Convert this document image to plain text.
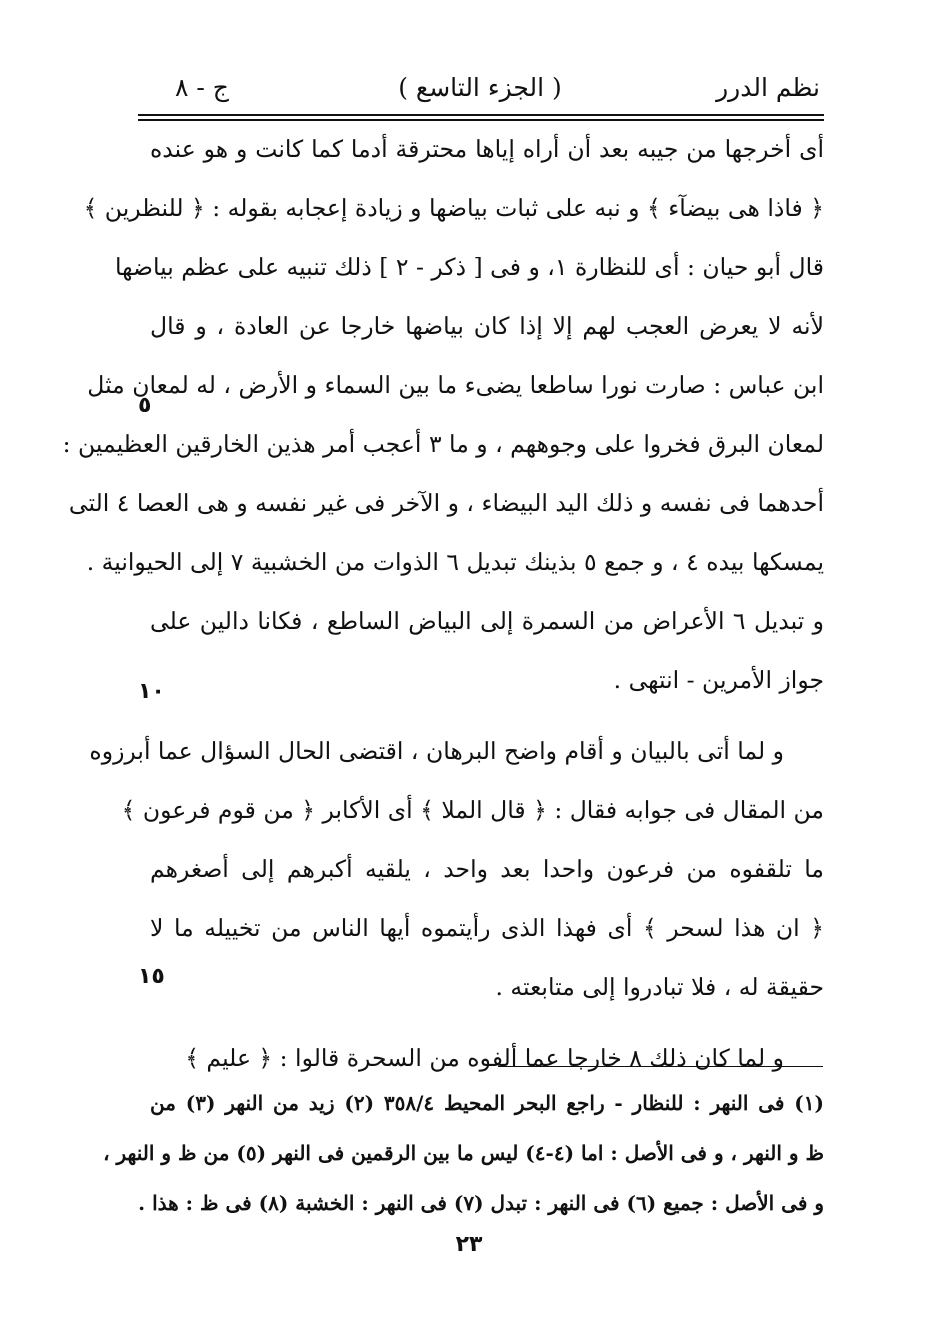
نظم الدرر
( الجزء التاسع )
ج - ٨
أى أخرجها من جيبه بعد أن أراه إياها محترقة أدما كما كانت و هو عنده
﴿ فاذا هى بيضآء ﴾ و نبه على ثبات بياضها و زيادة إعجابه بقوله : ﴿ للنظرين ﴾
قال أبو حيان : أى للنظارة ١، و فى [ ذكر - ٢ ] ذلك تنبيه على عظم بياضها
لأنه لا يعرض العجب لهم إلا إذا كان بياضها خارجا عن العادة ، و قال
ابن عباس : صارت نورا ساطعا يضىء ما بين السماء و الأرض ، له لمعان مثل
لمعان البرق فخروا على وجوههم ، و ما ٣ أعجب أمر هذين الخارقين العظيمين :
أحدهما فى نفسه و ذلك اليد البيضاء ، و الآخر فى غير نفسه و هى العصا ٤ التى
يمسكها بيده ٤ ، و جمع ٥ بذينك تبديل ٦ الذوات من الخشبية ٧ إلى الحيوانية .
و تبديل ٦ الأعراض من السمرة إلى البياض الساطع ، فكانا دالين على
جواز الأمرين - انتهى .
و لما أتى بالبيان و أقام واضح البرهان ، اقتضى الحال السؤال عما أبرزوه
من المقال فى جوابه فقال : ﴿ قال الملا ﴾ أى الأكابر ﴿ من قوم فرعون ﴾
ما تلقفوه من فرعون واحدا بعد واحد ، يلقيه أكبرهم إلى أصغرهم
﴿ ان هذا لسحر ﴾ أى فهذا الذى رأيتموه أيها الناس من تخييله ما لا
حقيقة له ، فلا تبادروا إلى متابعته .
و لما كان ذلك ٨ خارجا عما ألفوه من السحرة قالوا : ﴿ عليم ﴾
٥
١٠
١٥
(١) فى النهر : للنظار - راجع البحر المحيط ٣٥٨/٤ (٢) زيد من النهر (٣) من
ظ و النهر ، و فى الأصل : اما (٤-٤) ليس ما بين الرقمين فى النهر (٥) من ظ و النهر ،
و فى الأصل : جميع (٦) فى النهر : تبدل (٧) فى النهر : الخشبة (٨) فى ظ : هذا .
٢٣
